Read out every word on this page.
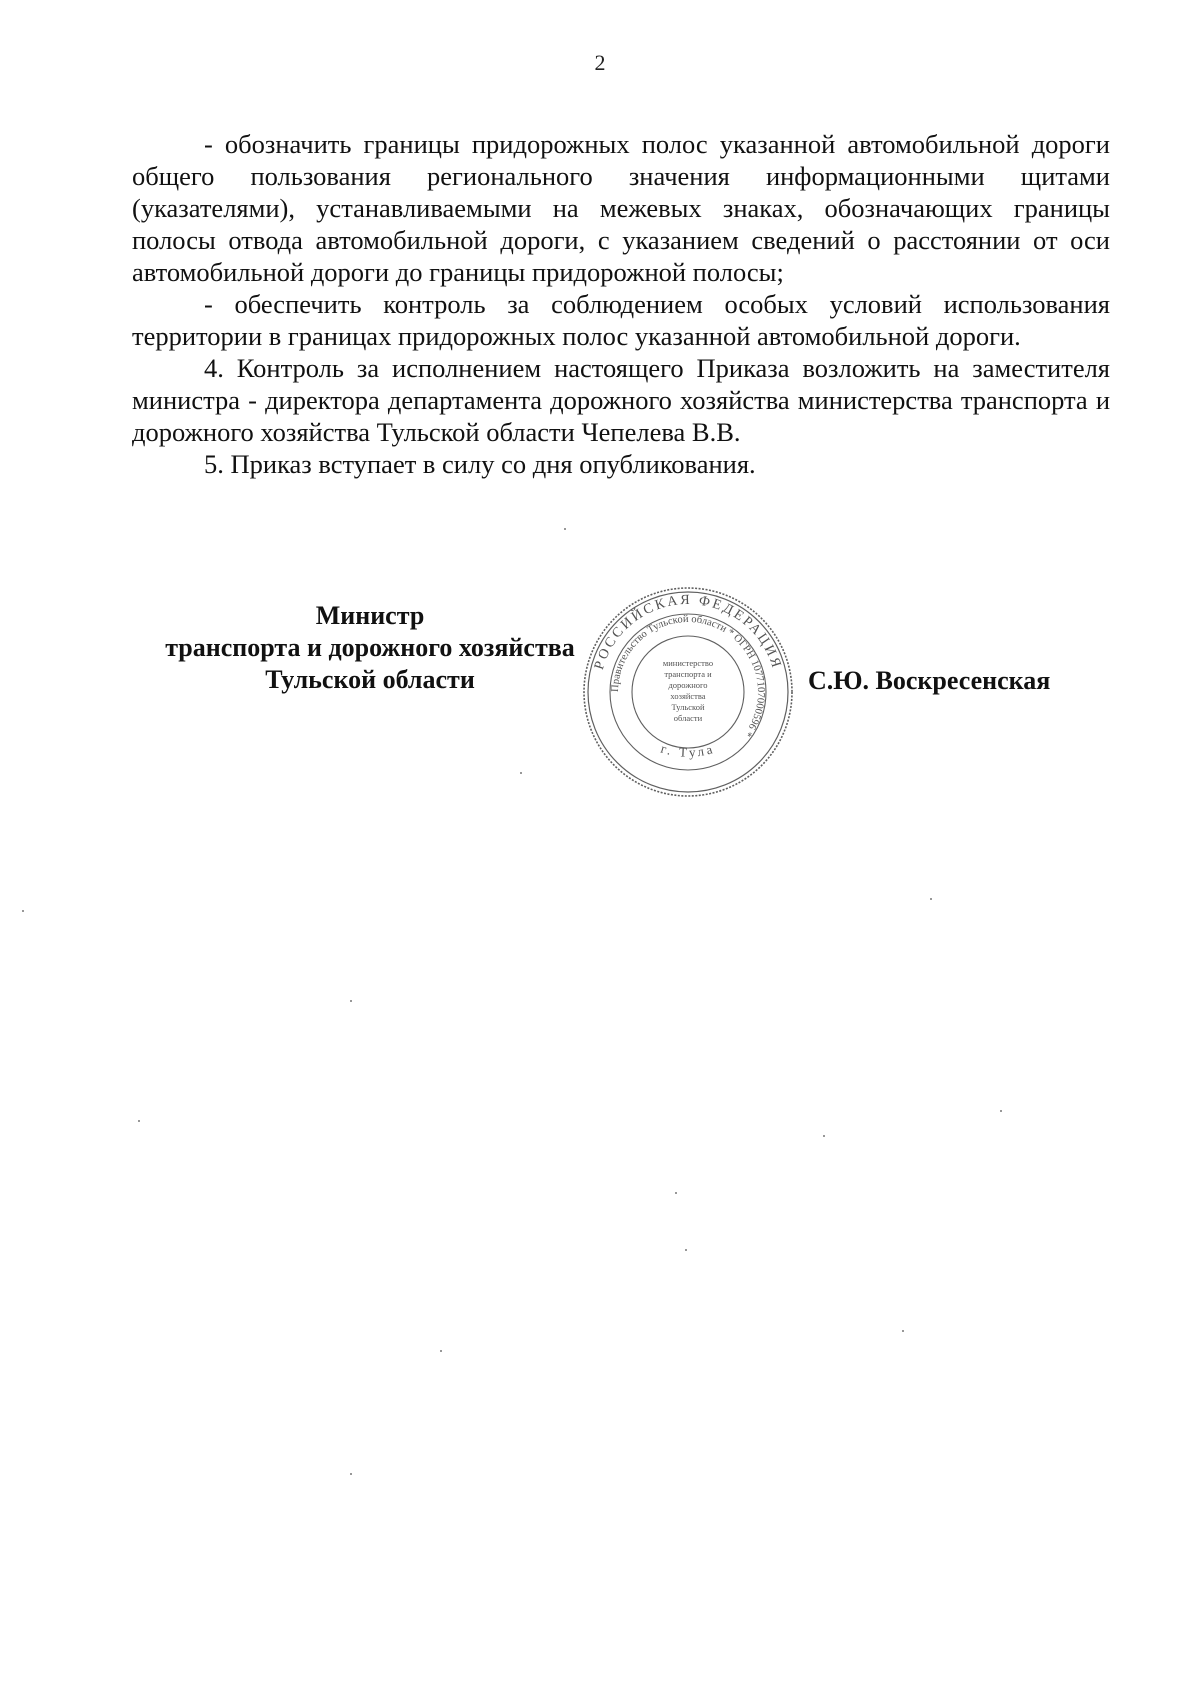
2

- обозначить границы придорожных полос указанной автомобильной дороги общего пользования регионального значения информационными щитами (указателями), устанавливаемыми на межевых знаках, обозначающих границы полосы отвода автомобильной дороги, с указанием сведений о расстоянии от оси автомобильной дороги до границы придорожной полосы;

- обеспечить контроль за соблюдением особых условий использования территории в границах придорожных полос указанной автомобильной дороги.

4. Контроль за исполнением настоящего Приказа возложить на заместителя министра - директора департамента дорожного хозяйства министерства транспорта и дорожного хозяйства Тульской области Чепелева В.В.

5. Приказ вступает в силу со дня опубликования.

Министр
транспорта и дорожного хозяйства
Тульской области	С.Ю. Воскресенская
РОССИЙСКАЯ ФЕДЕРАЦИЯ
Правительство Тульской области * ОГРН 1077107000596 *
г. Тула
министерство
транспорта и
дорожного
хозяйства
Тульской
области
